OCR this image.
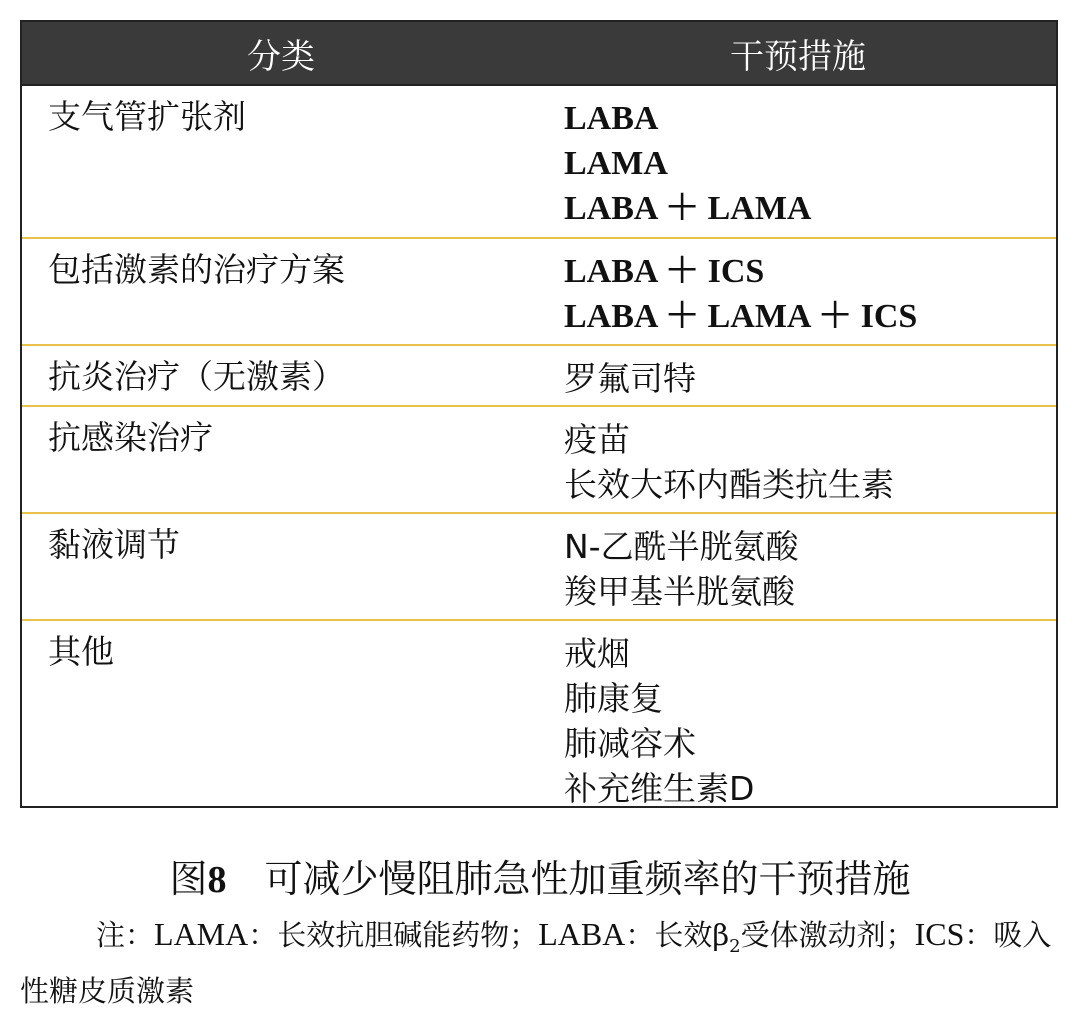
分类	干预措施
支气管扩张剂	LABA
LAMA
LABA ＋ LAMA
包括激素的治疗方案	LABA ＋ ICS
LABA ＋ LAMA ＋ ICS
抗炎治疗（无激素）	罗氟司特
抗感染治疗	疫苗
长效大环内酯类抗生素
黏液调节	N-乙酰半胱氨酸
羧甲基半胱氨酸
其他	戒烟
肺康复
肺减容术
补充维生素D
图8 可减少慢阻肺急性加重频率的干预措施
注：LAMA：长效抗胆碱能药物；LABA：长效$\beta_2$受体激动剂；ICS：吸入性糖皮质激素
